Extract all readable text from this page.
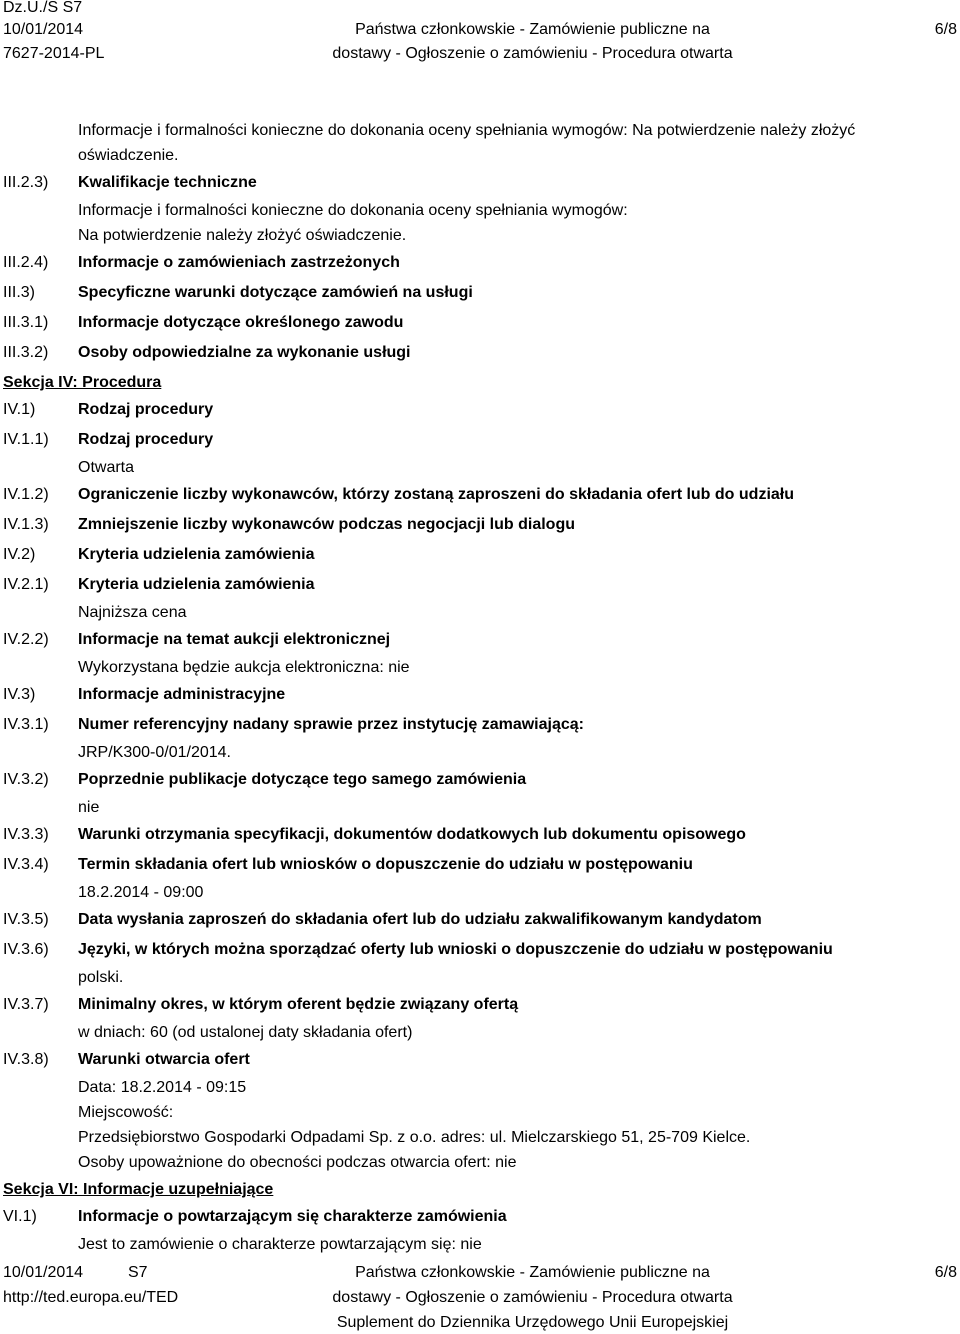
Dz.U./S S7
10/01/2014
7627-2014-PL
Państwa członkowskie - Zamówienie publiczne na
dostawy - Ogłoszenie o zamówieniu - Procedura otwarta
6/8
Informacje i formalności konieczne do dokonania oceny spełniania wymogów: Na potwierdzenie należy złożyć
oświadczenie.
III.2.3)	Kwalifikacje techniczne
Informacje i formalności konieczne do dokonania oceny spełniania wymogów:
Na potwierdzenie należy złożyć oświadczenie.
III.2.4)	Informacje o zamówieniach zastrzeżonych
III.3)	Specyficzne warunki dotyczące zamówień na usługi
III.3.1)	Informacje dotyczące określonego zawodu
III.3.2)	Osoby odpowiedzialne za wykonanie usługi
Sekcja IV: Procedura
IV.1)	Rodzaj procedury
IV.1.1)	Rodzaj procedury
Otwarta
IV.1.2)	Ograniczenie liczby wykonawców, którzy zostaną zaproszeni do składania ofert lub do udziału
IV.1.3)	Zmniejszenie liczby wykonawców podczas negocjacji lub dialogu
IV.2)	Kryteria udzielenia zamówienia
IV.2.1)	Kryteria udzielenia zamówienia
Najniższa cena
IV.2.2)	Informacje na temat aukcji elektronicznej
Wykorzystana będzie aukcja elektroniczna: nie
IV.3)	Informacje administracyjne
IV.3.1)	Numer referencyjny nadany sprawie przez instytucję zamawiającą:
JRP/K300-0/01/2014.
IV.3.2)	Poprzednie publikacje dotyczące tego samego zamówienia
nie
IV.3.3)	Warunki otrzymania specyfikacji, dokumentów dodatkowych lub dokumentu opisowego
IV.3.4)	Termin składania ofert lub wniosków o dopuszczenie do udziału w postępowaniu
18.2.2014 - 09:00
IV.3.5)	Data wysłania zaproszeń do składania ofert lub do udziału zakwalifikowanym kandydatom
IV.3.6)	Języki, w których można sporządzać oferty lub wnioski o dopuszczenie do udziału w postępowaniu
polski.
IV.3.7)	Minimalny okres, w którym oferent będzie związany ofertą
w dniach: 60 (od ustalonej daty składania ofert)
IV.3.8)	Warunki otwarcia ofert
Data: 18.2.2014 - 09:15
Miejscowość:
Przedsiębiorstwo Gospodarki Odpadami Sp. z o.o. adres: ul. Mielczarskiego 51, 25-709 Kielce.
Osoby upoważnione do obecności podczas otwarcia ofert: nie
Sekcja VI: Informacje uzupełniające
VI.1)	Informacje o powtarzającym się charakterze zamówienia
Jest to zamówienie o charakterze powtarzającym się: nie
10/01/2014	S7
http://ted.europa.eu/TED
Państwa członkowskie - Zamówienie publiczne na
dostawy - Ogłoszenie o zamówieniu - Procedura otwarta
Suplement do Dziennika Urzędowego Unii Europejskiej
6/8
